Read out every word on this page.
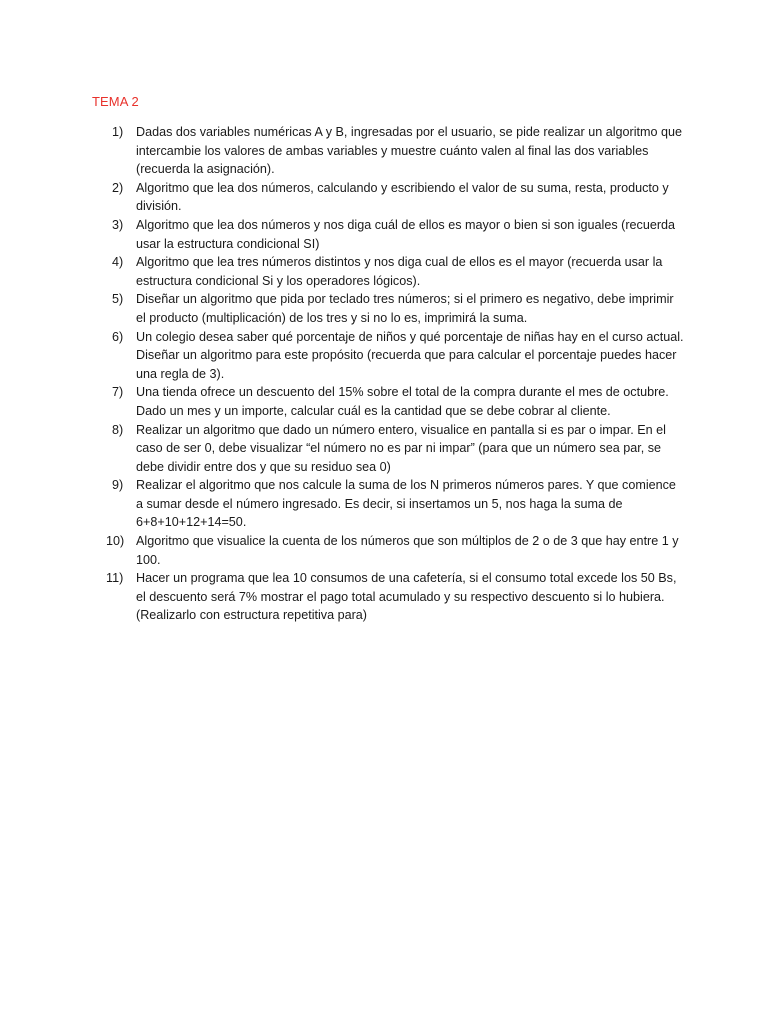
TEMA 2
1)	Dadas dos variables numéricas A y B, ingresadas por el usuario, se pide realizar un algoritmo que intercambie los valores de ambas variables y muestre cuánto valen al final las dos variables (recuerda la asignación).
2)	Algoritmo que lea dos números, calculando y escribiendo el valor de su suma, resta, producto y división.
3)	Algoritmo que lea dos números y nos diga cuál de ellos es mayor o bien si son iguales (recuerda usar la estructura condicional SI)
4)	Algoritmo que lea tres números distintos y nos diga cual de ellos es el mayor (recuerda usar la estructura condicional Si y los operadores lógicos).
5)	Diseñar un algoritmo que pida por teclado tres números; si el primero es negativo, debe imprimir el producto (multiplicación) de los tres y si no lo es, imprimirá la suma.
6)	Un colegio desea saber qué porcentaje de niños y qué porcentaje de niñas hay en el curso actual. Diseñar un algoritmo para este propósito (recuerda que para calcular el porcentaje puedes hacer una regla de 3).
7)	Una tienda ofrece un descuento del 15% sobre el total de la compra durante el mes de octubre. Dado un mes y un importe, calcular cuál es la cantidad que se debe cobrar al cliente.
8)	Realizar un algoritmo que dado un número entero, visualice en pantalla si es par o impar. En el caso de ser 0, debe visualizar “el número no es par ni impar” (para que un número sea par, se debe dividir entre dos y que su residuo sea 0)
9)	Realizar el algoritmo que nos calcule la suma de los N primeros números pares. Y que comience a sumar desde el número ingresado. Es decir, si insertamos un 5, nos haga la suma de 6+8+10+12+14=50.
10) Algoritmo que visualice la cuenta de los números que son múltiplos de 2 o de 3 que hay entre 1 y 100.
11)	Hacer un programa que lea 10 consumos de una cafetería, si el consumo total excede los 50 Bs, el descuento será 7% mostrar el pago total acumulado y su respectivo descuento si lo hubiera. (Realizarlo con estructura repetitiva para)
